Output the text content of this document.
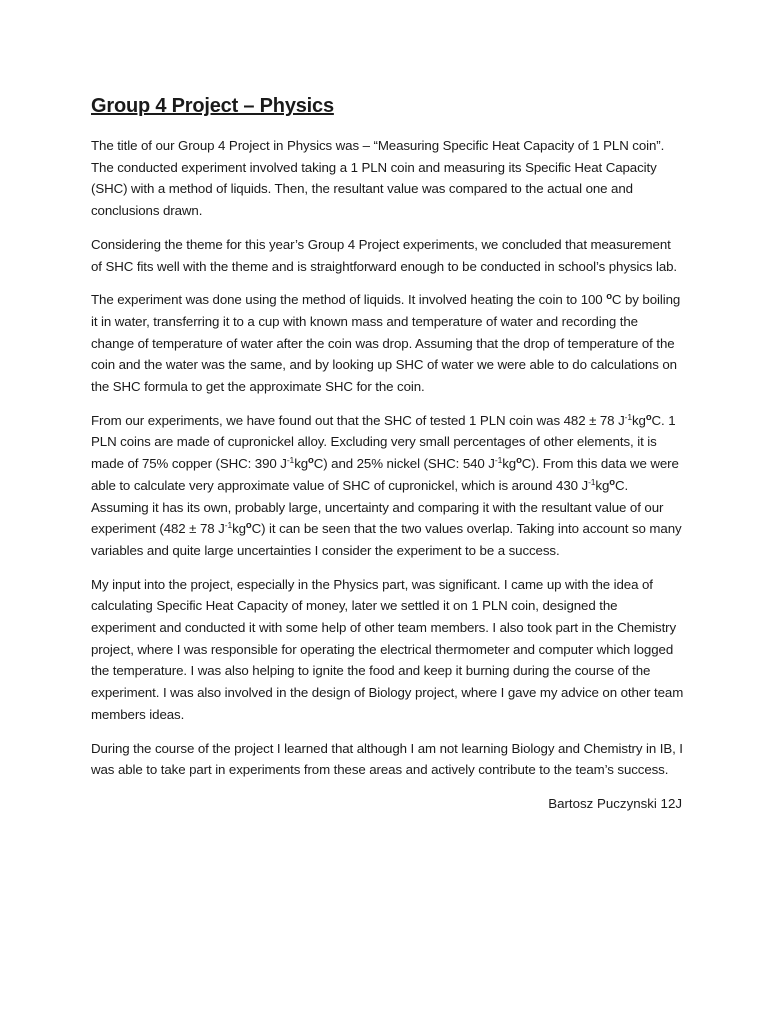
Group 4 Project – Physics

The title of our Group 4 Project in Physics was – “Measuring Specific Heat Capacity of 1 PLN coin”. The conducted experiment involved taking a 1 PLN coin and measuring its Specific Heat Capacity (SHC) with a method of liquids. Then, the resultant value was compared to the actual one and conclusions drawn.

Considering the theme for this year’s Group 4 Project experiments, we concluded that measurement of SHC fits well with the theme and is straightforward enough to be conducted in school’s physics lab.

The experiment was done using the method of liquids. It involved heating the coin to 100 $^o$C by boiling it in water, transferring it to a cup with known mass and temperature of water and recording the change of temperature of water after the coin was drop. Assuming that the drop of temperature of the coin and the water was the same, and by looking up SHC of water we were able to do calculations on the SHC formula to get the approximate SHC for the coin.

From our experiments, we have found out that the SHC of tested 1 PLN coin was 482 ± 78 $J^{-1}kg^oC$. 1 PLN coins are made of cupronickel alloy. Excluding very small percentages of other elements, it is made of 75% copper (SHC: 390 $J^{-1}kg^oC$) and 25% nickel (SHC: 540 $J^{-1}kg^oC$). From this data we were able to calculate very approximate value of SHC of cupronickel, which is around 430 $J^{-1}kg^oC$. Assuming it has its own, probably large, uncertainty and comparing it with the resultant value of our experiment (482 ± 78 $J^{-1}kg^oC$) it can be seen that the two values overlap. Taking into account so many variables and quite large uncertainties I consider the experiment to be a success.

My input into the project, especially in the Physics part, was significant. I came up with the idea of calculating Specific Heat Capacity of money, later we settled it on 1 PLN coin, designed the experiment and conducted it with some help of other team members. I also took part in the Chemistry project, where I was responsible for operating the electrical thermometer and computer which logged the temperature. I was also helping to ignite the food and keep it burning during the course of the experiment. I was also involved in the design of Biology project, where I gave my advice on other team members ideas.

During the course of the project I learned that although I am not learning Biology and Chemistry in IB, I was able to take part in experiments from these areas and actively contribute to the team’s success.

Bartosz Puczynski 12J
